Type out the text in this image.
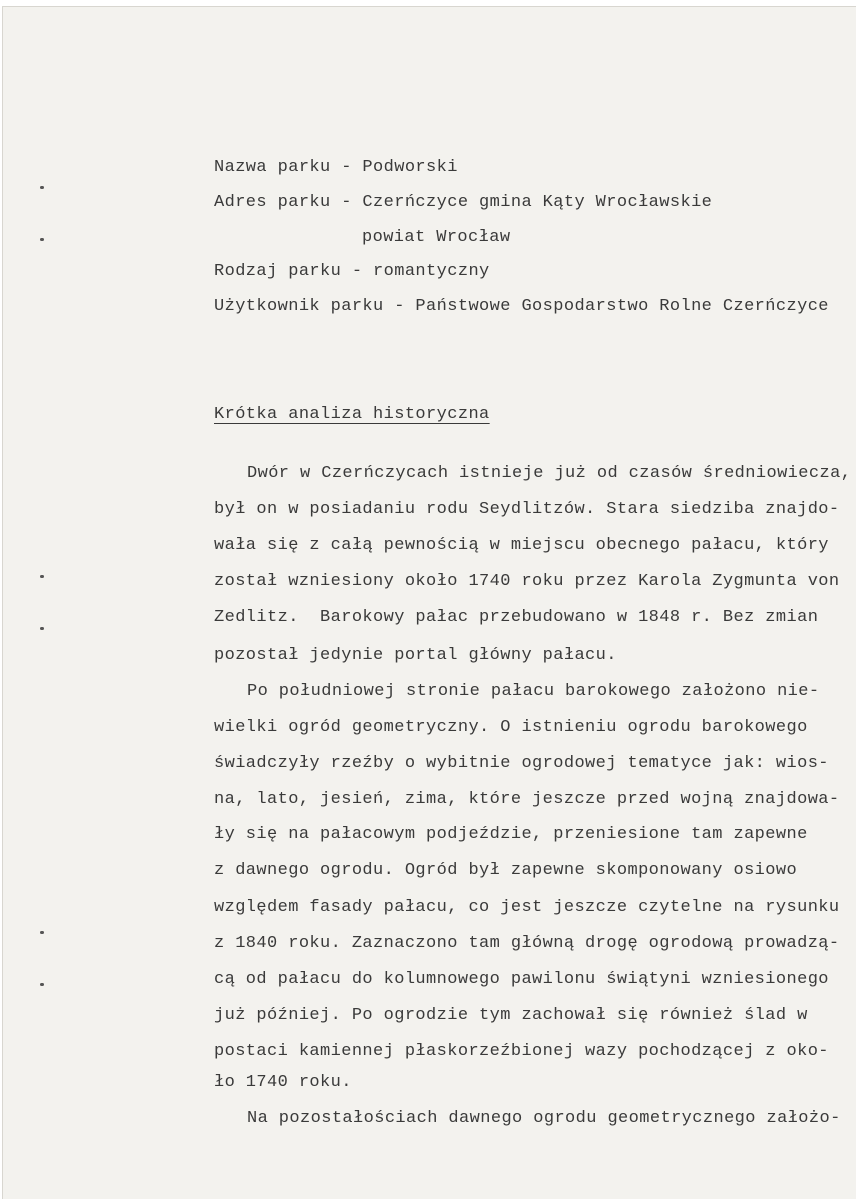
Nazwa parku - Podworski
Adres parku - Czerńczyce gmina Kąty Wrocławskie
powiat Wrocław
Rodzaj parku - romantyczny
Użytkownik parku - Państwowe Gospodarstwo Rolne Czerńczyce
Krótka analiza historyczna
Dwór w Czerńczycach istnieje już od czasów średniowiecza,
był on w posiadaniu rodu Seydlitzów. Stara siedziba znajdo-
wała się z całą pewnością w miejscu obecnego pałacu, który
został wzniesiony około 1740 roku przez Karola Zygmunta von
Zedlitz.  Barokowy pałac przebudowano w 1848 r. Bez zmian
pozostał jedynie portal główny pałacu.
Po południowej stronie pałacu barokowego założono nie-
wielki ogród geometryczny. O istnieniu ogrodu barokowego
świadczyły rzeźby o wybitnie ogrodowej tematyce jak: wios-
na, lato, jesień, zima, które jeszcze przed wojną znajdowa-
ły się na pałacowym podjeździe, przeniesione tam zapewne
z dawnego ogrodu. Ogród był zapewne skomponowany osiowo
względem fasady pałacu, co jest jeszcze czytelne na rysunku
z 1840 roku. Zaznaczono tam główną drogę ogrodową prowadzą-
cą od pałacu do kolumnowego pawilonu świątyni wzniesionego
już później. Po ogrodzie tym zachował się również ślad w
postaci kamiennej płaskorzeźbionej wazy pochodzącej z oko-
ło 1740 roku.
Na pozostałościach dawnego ogrodu geometrycznego założo-
